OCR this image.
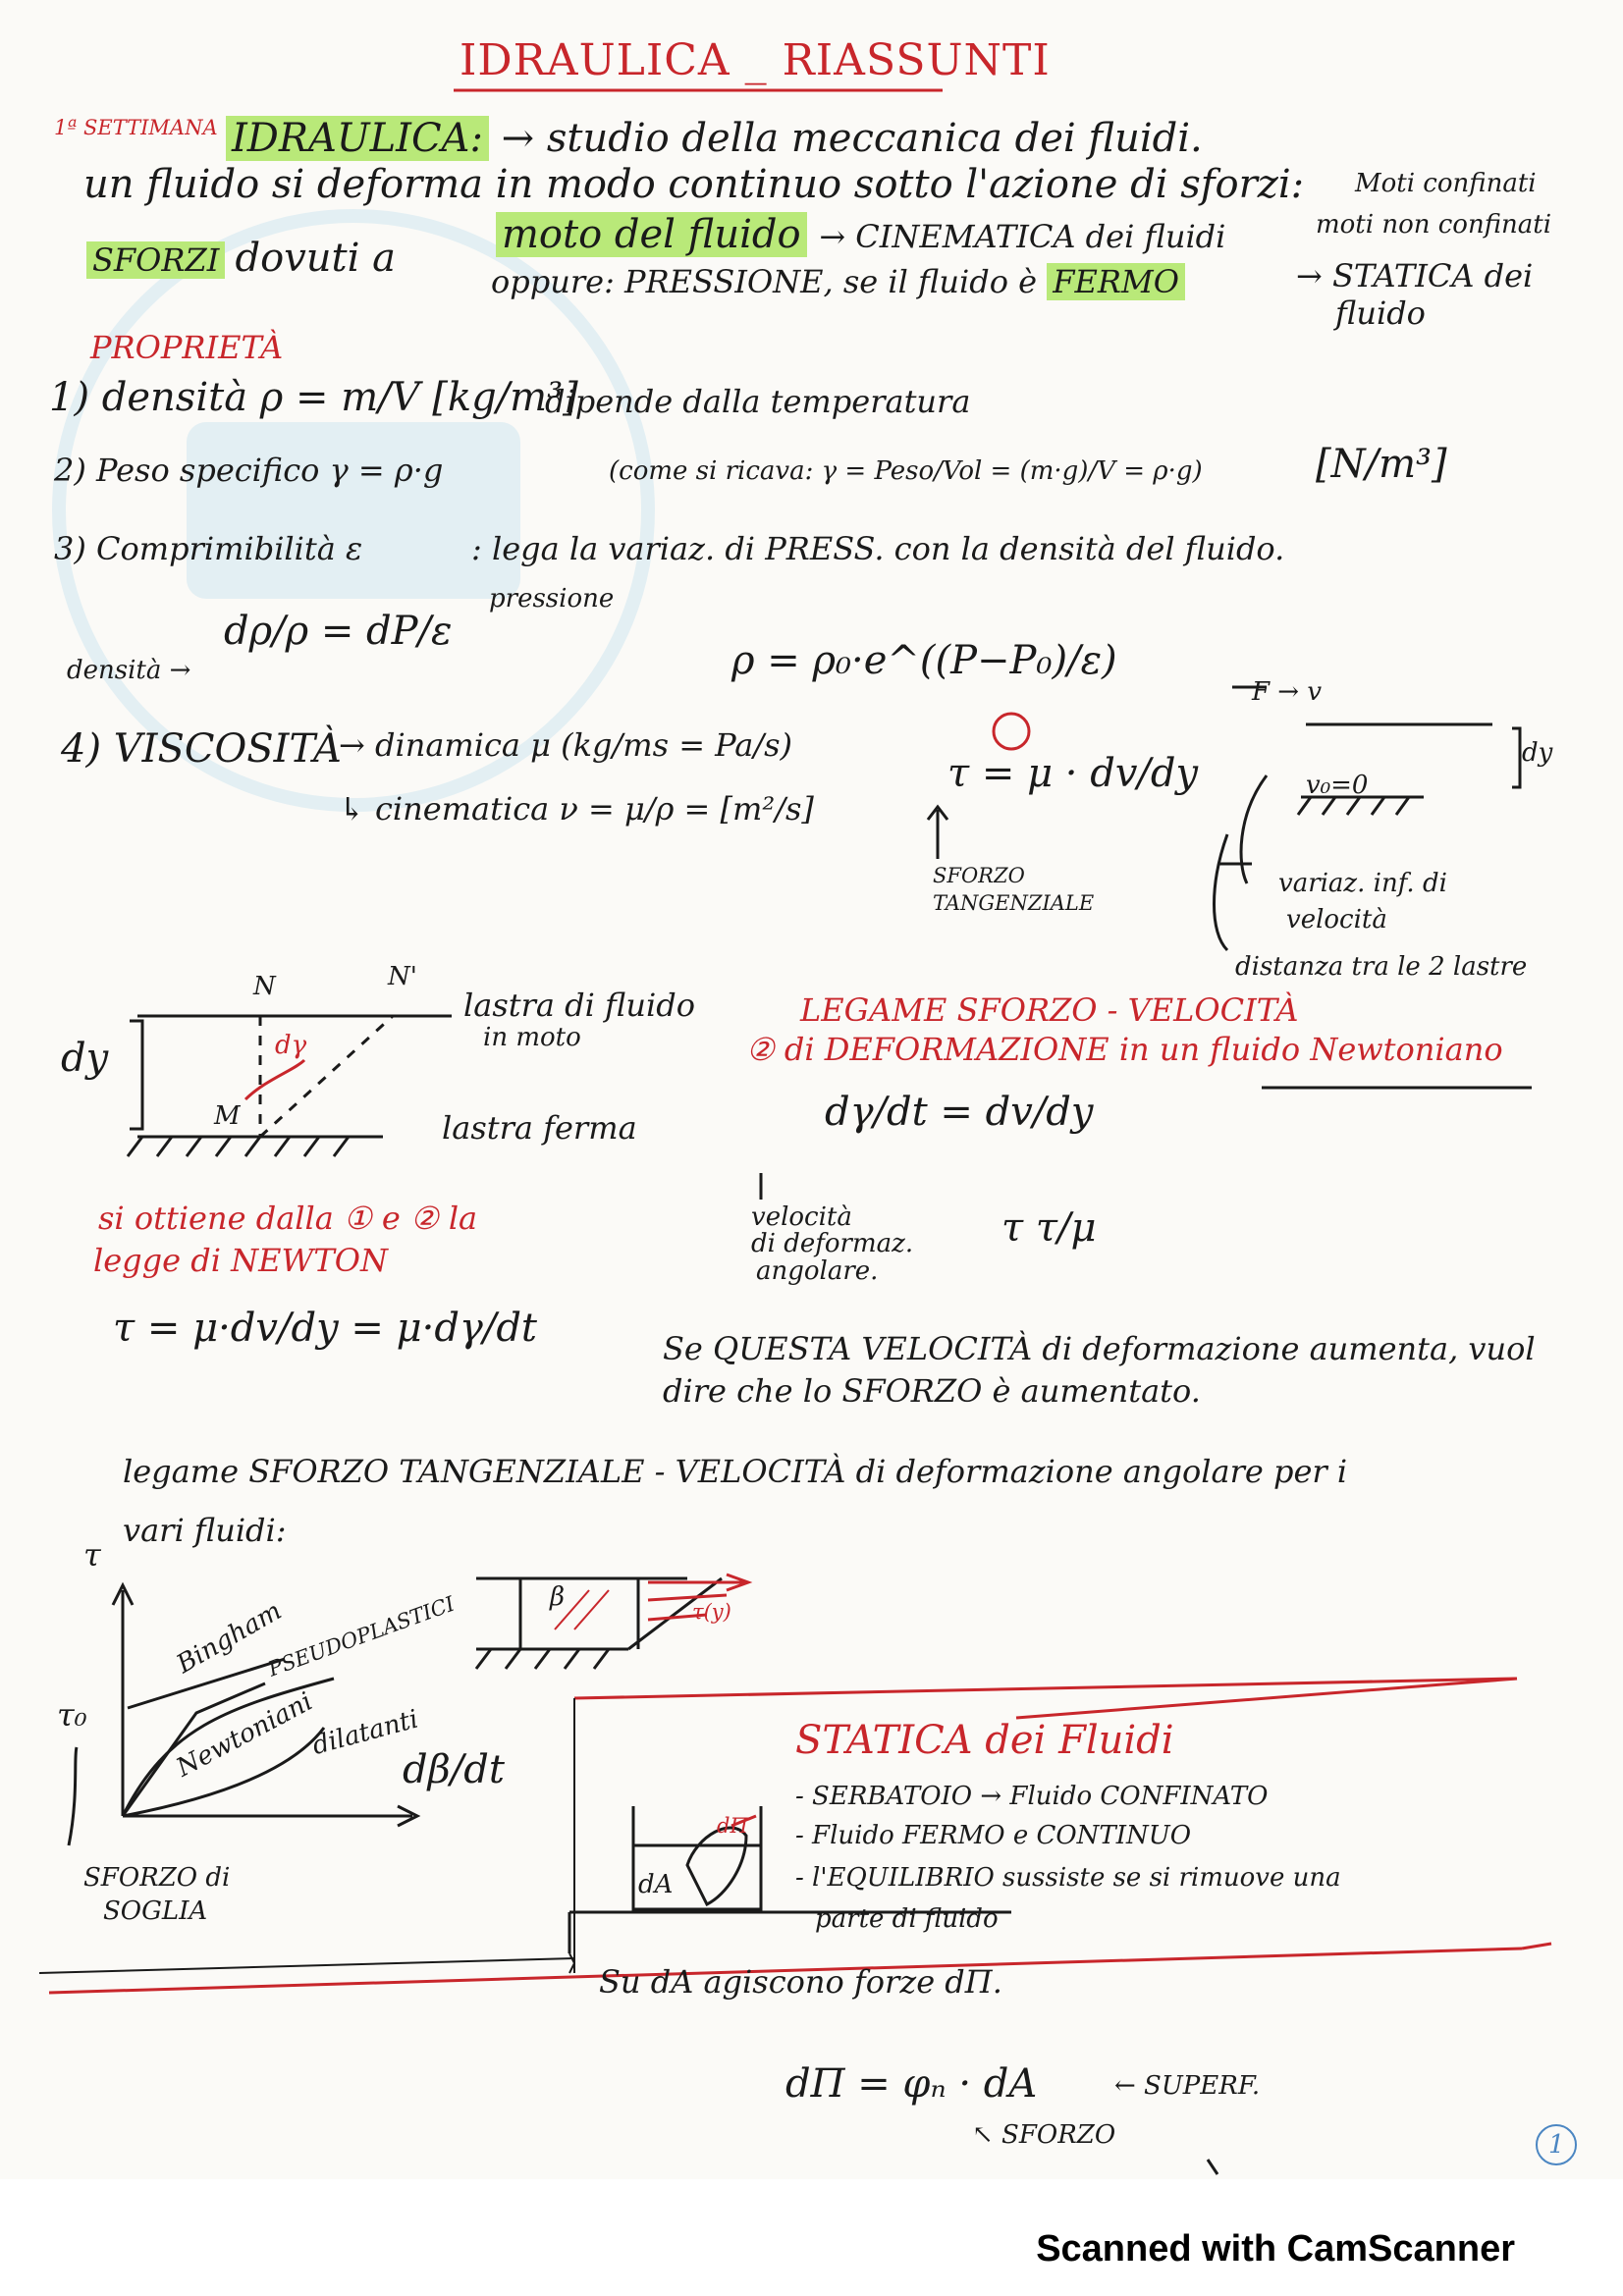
IDRAULICA _ RIASSUNTI
1ª SETTIMANA IDRAULICA: → studio della meccanica dei fluidi.
un fluido si deforma in modo continuo sotto l'azione di sforzi: Moti confinati
moti non confinati
SFORZI dovuti a
moto del fluido → CINEMATICA dei fluidi
oppure: PRESSIONE, se il fluido è FERMO	→ STATICA dei
fluido
PROPRIETÀ
1) densità ρ = m/V [kg/m³]
dipende dalla temperatura
2) Peso specifico γ = ρ·g	(come si ricava: γ = Peso/Vol = (m·g)/V = ρ·g)	[N/m³]
3) Comprimibilità ε	: lega la variaz. di PRESS. con la densità del fluido.
pressione
dρ/ρ = dP/ε
densità →	ρ = ρ₀·e^((P−P₀)/ε)
4) VISCOSITÀ
→ dinamica μ (kg/ms = Pa/s)
↳ cinematica ν = μ/ρ = [m²/s]
τ = μ · dv/dy
SFORZO
TANGENZIALE
variaz. inf. di
velocità
distanza tra le 2 lastre
F → v
v₀=0
dy
N	N'
dy	dγ
M
lastra di fluido
in moto
lastra ferma
LEGAME SFORZO - VELOCITÀ
② di DEFORMAZIONE in un fluido Newtoniano
dγ/dt = dv/dy
velocità
di deformaz.
angolare.
τ τ/μ
si ottiene dalla ① e ② la
legge di NEWTON
τ = μ·dv/dy = μ·dγ/dt	Se QUESTA VELOCITÀ di deformazione aumenta, vuol
dire che lo SFORZO è aumentato.
legame SFORZO TANGENZIALE - VELOCITÀ di deformazione angolare per i
vari fluidi:
τ
τ₀
Bingham
PSEUDOPLASTICI
Newtoniani
dilatanti
dβ/dt
SFORZO di
SOGLIA
β	τ(y)
STATICA dei Fluidi
- SERBATOIO → Fluido CONFINATO
- Fluido FERMO e CONTINUO
- l'EQUILIBRIO sussiste se si rimuove una
parte di fluido
dA
dΠ
Su dA agiscono forze dΠ.
dΠ = φₙ · dA	← SUPERF.
↖ SFORZO	1
Scanned with CamScanner
